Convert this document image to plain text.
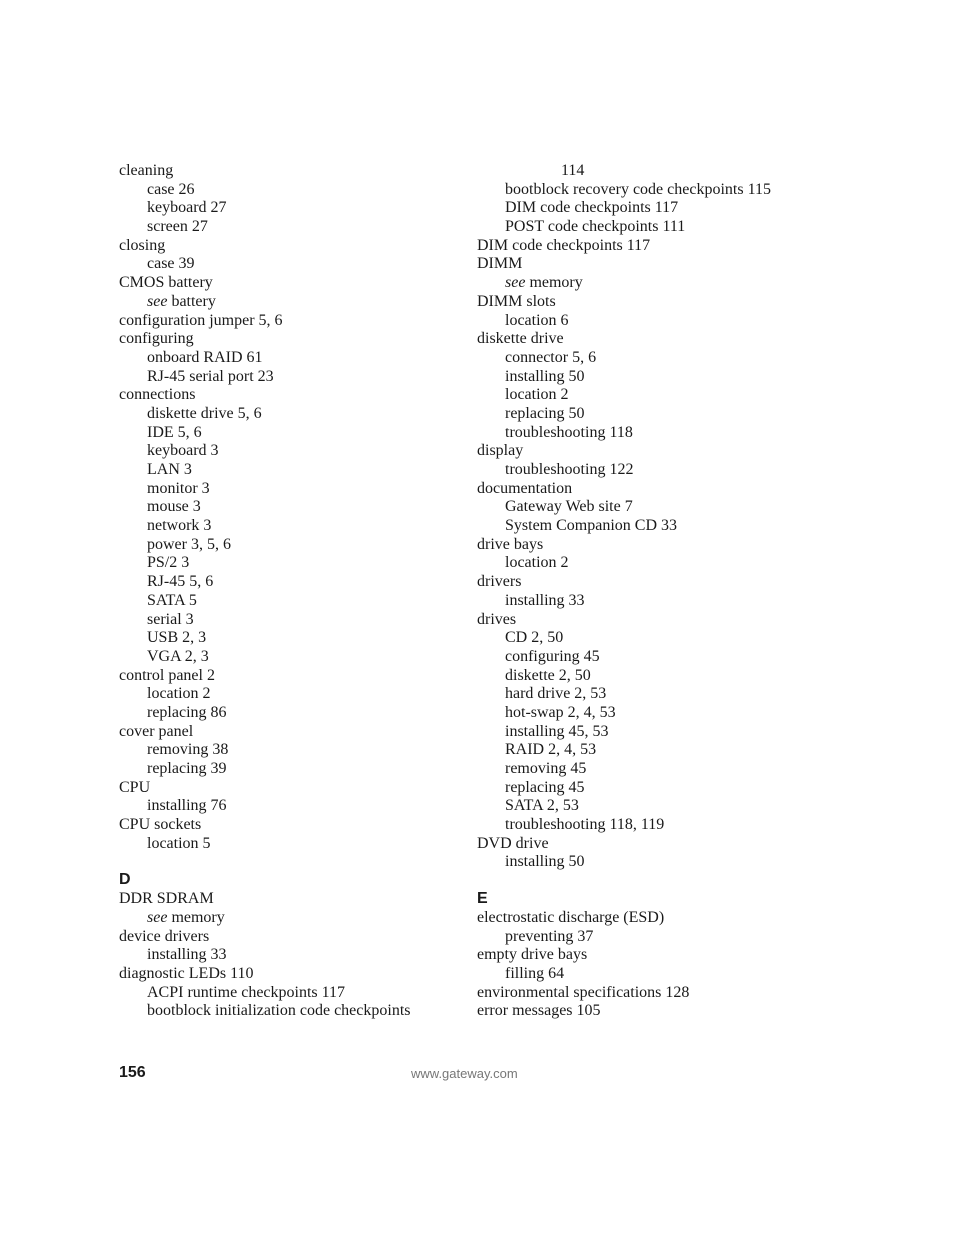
cleaning
case 26
keyboard 27
screen 27
closing
case 39
CMOS battery
see battery
configuration jumper 5, 6
configuring
onboard RAID 61
RJ-45 serial port 23
connections
diskette drive 5, 6
IDE 5, 6
keyboard 3
LAN 3
monitor 3
mouse 3
network 3
power 3, 5, 6
PS/2 3
RJ-45 5, 6
SATA 5
serial 3
USB 2, 3
VGA 2, 3
control panel 2
location 2
replacing 86
cover panel
removing 38
replacing 39
CPU
installing 76
CPU sockets
location 5
D
DDR SDRAM
see memory
device drivers
installing 33
diagnostic LEDs 110
ACPI runtime checkpoints 117
bootblock initialization code checkpoints
114
bootblock recovery code checkpoints 115
DIM code checkpoints 117
POST code checkpoints 111
DIM code checkpoints 117
DIMM
see memory
DIMM slots
location 6
diskette drive
connector 5, 6
installing 50
location 2
replacing 50
troubleshooting 118
display
troubleshooting 122
documentation
Gateway Web site 7
System Companion CD 33
drive bays
location 2
drivers
installing 33
drives
CD 2, 50
configuring 45
diskette 2, 50
hard drive 2, 53
hot-swap 2, 4, 53
installing 45, 53
RAID 2, 4, 53
removing 45
replacing 45
SATA 2, 53
troubleshooting 118, 119
DVD drive
installing 50
E
electrostatic discharge (ESD)
preventing 37
empty drive bays
filling 64
environmental specifications 128
error messages 105
156	www.gateway.com
